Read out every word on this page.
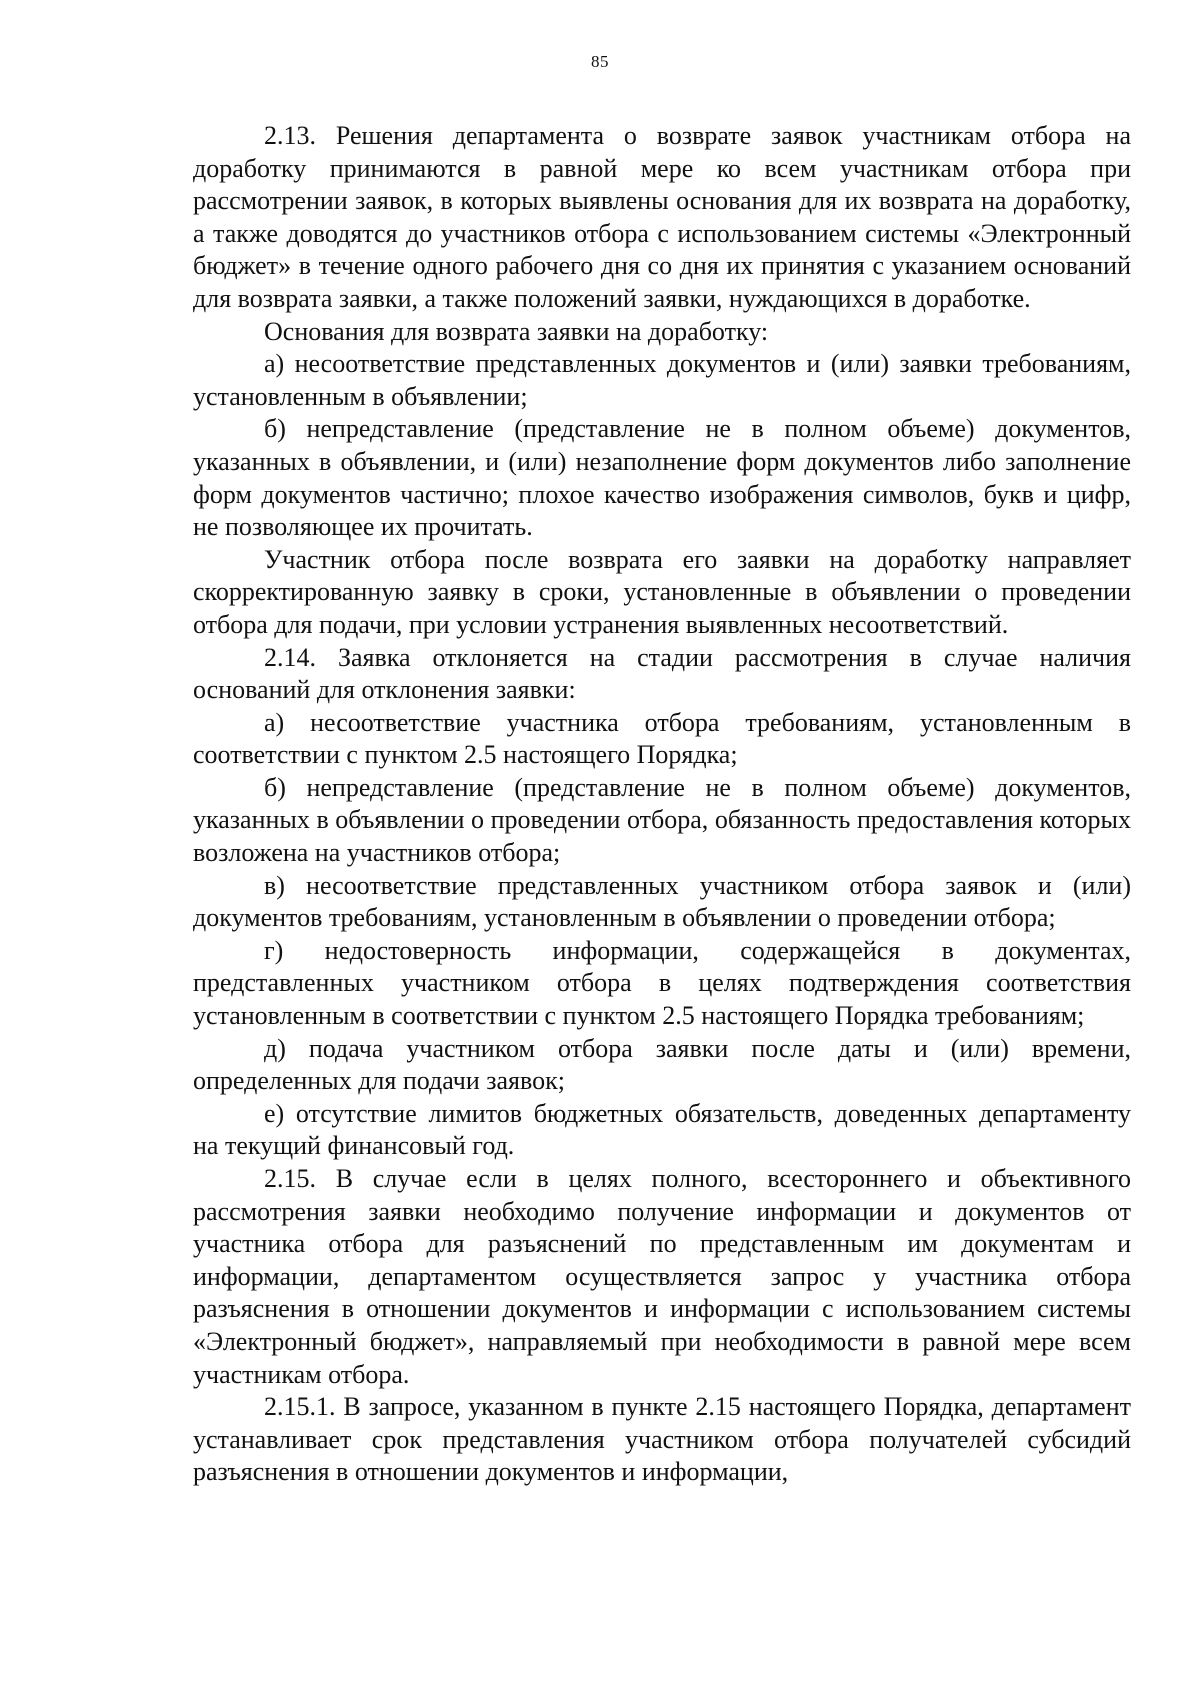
85

2.13. Решения департамента о возврате заявок участникам отбора на доработку принимаются в равной мере ко всем участникам отбора при рассмотрении заявок, в которых выявлены основания для их возврата на доработку, а также доводятся до участников отбора с использованием системы «Электронный бюджет» в течение одного рабочего дня со дня их принятия с указанием оснований для возврата заявки, а также положений заявки, нуждающихся в доработке.

Основания для возврата заявки на доработку:

а) несоответствие представленных документов и (или) заявки требованиям, установленным в объявлении;

б) непредставление (представление не в полном объеме) документов, указанных в объявлении, и (или) незаполнение форм документов либо заполнение форм документов частично; плохое качество изображения символов, букв и цифр, не позволяющее их прочитать.

Участник отбора после возврата его заявки на доработку направляет скорректированную заявку в сроки, установленные в объявлении о проведении отбора для подачи, при условии устранения выявленных несоответствий.

2.14. Заявка отклоняется на стадии рассмотрения в случае наличия оснований для отклонения заявки:

а) несоответствие участника отбора требованиям, установленным в соответствии с пунктом 2.5 настоящего Порядка;

б) непредставление (представление не в полном объеме) документов, указанных в объявлении о проведении отбора, обязанность предоставления которых возложена на участников отбора;

в) несоответствие представленных участником отбора заявок и (или) документов требованиям, установленным в объявлении о проведении отбора;

г) недостоверность информации, содержащейся в документах, представленных участником отбора в целях подтверждения соответствия установленным в соответствии с пунктом 2.5 настоящего Порядка требованиям;

д) подача участником отбора заявки после даты и (или) времени, определенных для подачи заявок;

е) отсутствие лимитов бюджетных обязательств, доведенных департаменту на текущий финансовый год.

2.15. В случае если в целях полного, всестороннего и объективного рассмотрения заявки необходимо получение информации и документов от участника отбора для разъяснений по представленным им документам и информации, департаментом осуществляется запрос у участника отбора разъяснения в отношении документов и информации с использованием системы «Электронный бюджет», направляемый при необходимости в равной мере всем участникам отбора.

2.15.1. В запросе, указанном в пункте 2.15 настоящего Порядка, департамент устанавливает срок представления участником отбора получателей субсидий разъяснения в отношении документов и информации,
